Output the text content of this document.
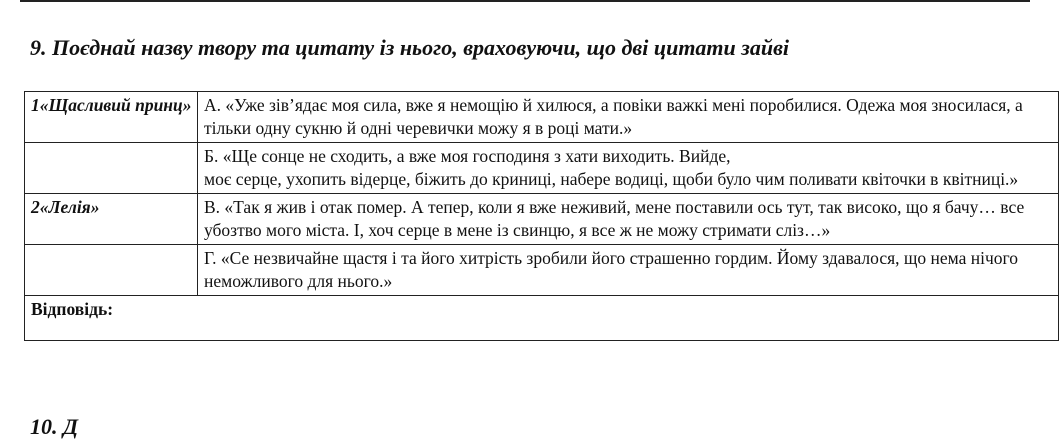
9. Поєднай назву твору та цитату із нього, враховуючи, що дві цитати зайві
1«Щасливий принц»	А. «Уже зів’ядає моя сила, вже я немощію й хилюся, а повіки важкі мені поробилися. Одежа моя зносилася, а тільки одну сукню й одні черевички можу я в році мати.»
	Б. «Ще сонце не сходить, а вже моя господиня з хати виходить. Вийде,
моє серце, ухопить відерце, біжить до криниці, набере водиці, щоби було чим поливати квіточки в квітниці.»
2«Лелія»	В. «Так я жив і отак помер. А тепер, коли я вже неживий, мене поставили ось тут, так високо, що я бачу… все убозтво мого міста. І, хоч серце в мене із свинцю, я все ж не можу стримати сліз…»
	Г. «Се незвичайне щастя і та його хитрість зробили його страшенно гордим. Йому здавалося, що нема нічого неможливого для нього.»
Відповідь:	
10. Д
